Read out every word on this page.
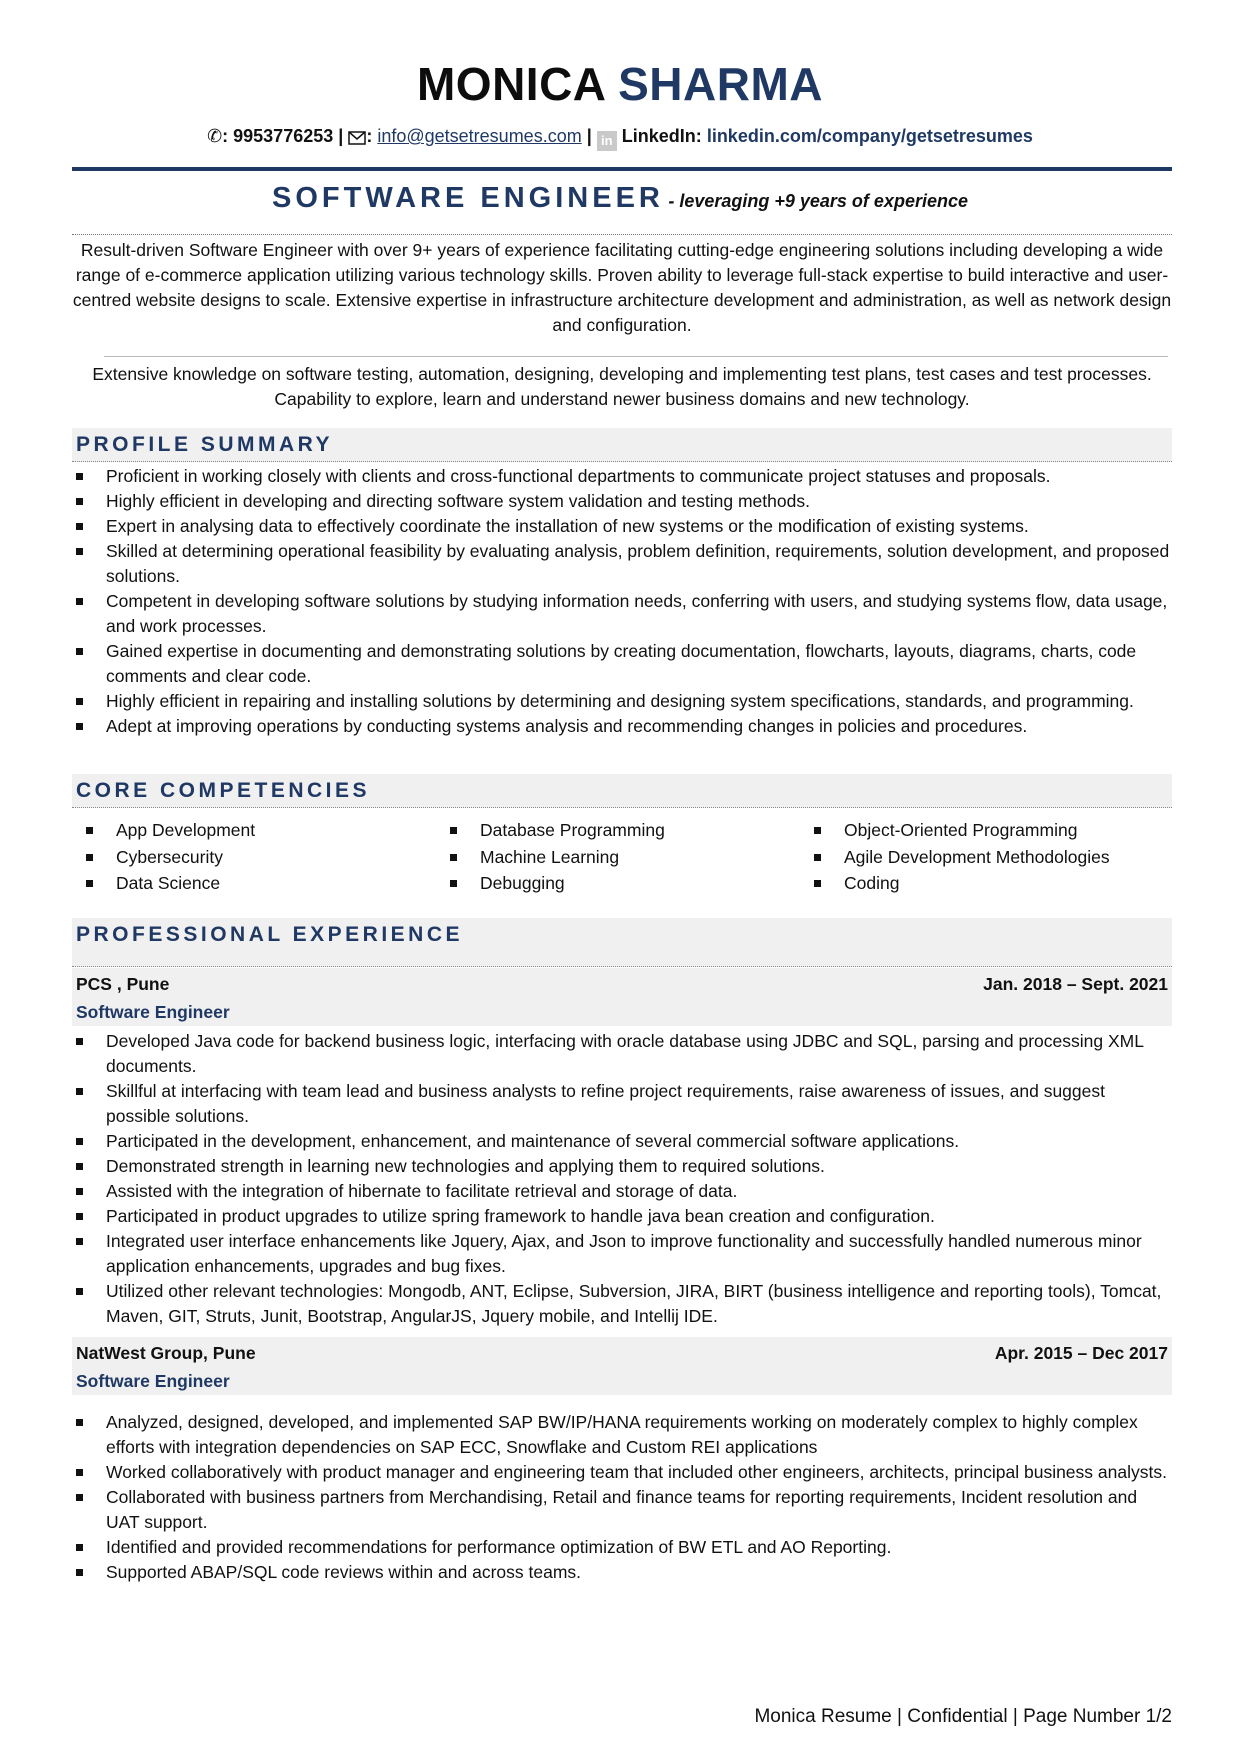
MONICA SHARMA
✆: 9953776253 | : info@getsetresumes.com | in LinkedIn: linkedin.com/company/getsetresumes
SOFTWARE ENGINEER - leveraging +9 years of experience
Result-driven Software Engineer with over 9+ years of experience facilitating cutting-edge engineering solutions including developing a wide range of e-commerce application utilizing various technology skills. Proven ability to leverage full-stack expertise to build interactive and user-centred website designs to scale. Extensive expertise in infrastructure architecture development and administration, as well as network design and configuration.
Extensive knowledge on software testing, automation, designing, developing and implementing test plans, test cases and test processes. Capability to explore, learn and understand newer business domains and new technology.
PROFILE SUMMARY
Proficient in working closely with clients and cross-functional departments to communicate project statuses and proposals.
Highly efficient in developing and directing software system validation and testing methods.
Expert in analysing data to effectively coordinate the installation of new systems or the modification of existing systems.
Skilled at determining operational feasibility by evaluating analysis, problem definition, requirements, solution development, and proposed solutions.
Competent in developing software solutions by studying information needs, conferring with users, and studying systems flow, data usage, and work processes.
Gained expertise in documenting and demonstrating solutions by creating documentation, flowcharts, layouts, diagrams, charts, code comments and clear code.
Highly efficient in repairing and installing solutions by determining and designing system specifications, standards, and programming.
Adept at improving operations by conducting systems analysis and recommending changes in policies and procedures.
CORE COMPETENCIES
App Development	Database Programming	Object-Oriented Programming
Cybersecurity	Machine Learning	Agile Development Methodologies
Data Science	Debugging	Coding
PROFESSIONAL EXPERIENCE
PCS , Pune	Jan. 2018 – Sept. 2021
Software Engineer
Developed Java code for backend business logic, interfacing with oracle database using JDBC and SQL, parsing and processing XML documents.
Skillful at interfacing with team lead and business analysts to refine project requirements, raise awareness of issues, and suggest possible solutions.
Participated in the development, enhancement, and maintenance of several commercial software applications.
Demonstrated strength in learning new technologies and applying them to required solutions.
Assisted with the integration of hibernate to facilitate retrieval and storage of data.
Participated in product upgrades to utilize spring framework to handle java bean creation and configuration.
Integrated user interface enhancements like Jquery, Ajax, and Json to improve functionality and successfully handled numerous minor application enhancements, upgrades and bug fixes.
Utilized other relevant technologies: Mongodb, ANT, Eclipse, Subversion, JIRA, BIRT (business intelligence and reporting tools), Tomcat, Maven, GIT, Struts, Junit, Bootstrap, AngularJS, Jquery mobile, and Intellij IDE.
NatWest Group, Pune	Apr. 2015 – Dec 2017
Software Engineer
Analyzed, designed, developed, and implemented SAP BW/IP/HANA requirements working on moderately complex to highly complex efforts with integration dependencies on SAP ECC, Snowflake and Custom REI applications
Worked collaboratively with product manager and engineering team that included other engineers, architects, principal business analysts.
Collaborated with business partners from Merchandising, Retail and finance teams for reporting requirements, Incident resolution and UAT support.
Identified and provided recommendations for performance optimization of BW ETL and AO Reporting.
Supported ABAP/SQL code reviews within and across teams.
Monica Resume | Confidential | Page Number 1/2
